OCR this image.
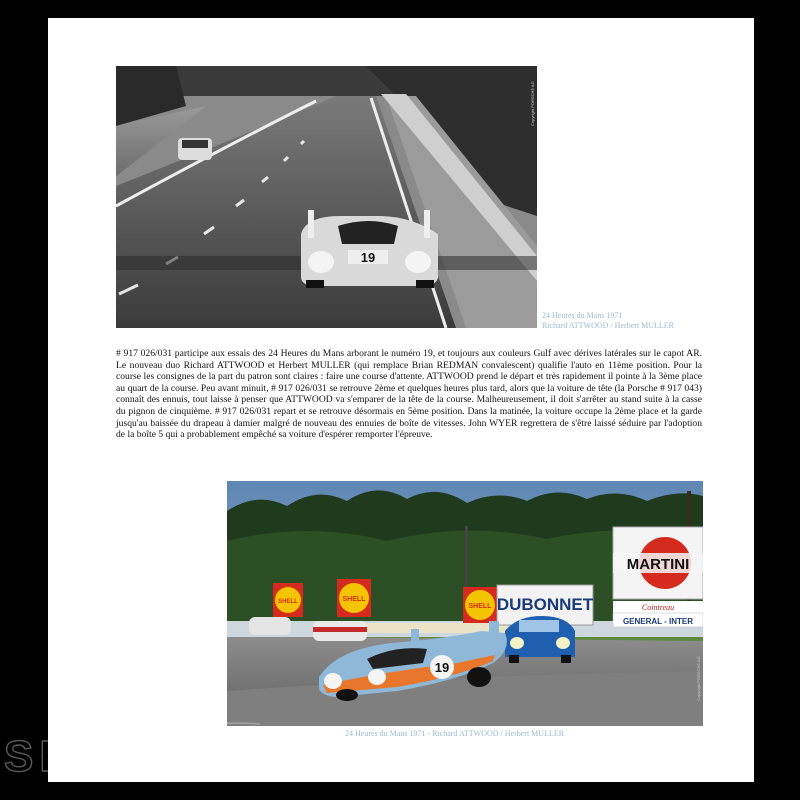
19
Copyright PORSCHE AG
24 Heures du Mans 1971
Richard ATTWOOD / Herbert MULLER

# 917 026/031 participe aux essais des 24 Heures du Mans arborant le numéro 19, et toujours aux couleurs Gulf avec dérives latérales sur le capot AR. Le nouveau duo Richard ATTWOOD et Herbert MULLER (qui remplace Brian REDMAN convalescent) qualifie l'auto en 11ème position. Pour la course les consignes de la part du patron sont claires : faire une course d'attente. ATTWOOD prend le départ et très rapidement il pointe à la 3ème place au quart de la course. Peu avant minuit, # 917 026/031 se retrouve 2ème et quelques heures plus tard, alors que la voiture de tête (la Porsche # 917 043) connaît des ennuis, tout laisse à penser que ATTWOOD va s'emparer de la tête de la course. Malheureusement, il doit s'arrêter au stand suite à la casse du pignon de cinquième. # 917 026/031 repart et se retrouve désormais en 5ème position. Dans la matinée, la voiture occupe la 2ème place et la garde jusqu'au baissée du drapeau à damier malgré de nouveau des ennuies de boîte de vitesses. John WYER regrettera de s'être laissé séduire par l'adoption de la boîte 5 qui a probablement empêché sa voiture d'espérer remporter l'épreuve.

SHELL	SHELL
SHELL DUBONNET
MARTINI
Cointreau
GENERAL - INTER
19	Copyright PORSCHE AG
24 Heures du Mans 1971 - Richard ATTWOOD / Herbert MULLER
SELECTION
